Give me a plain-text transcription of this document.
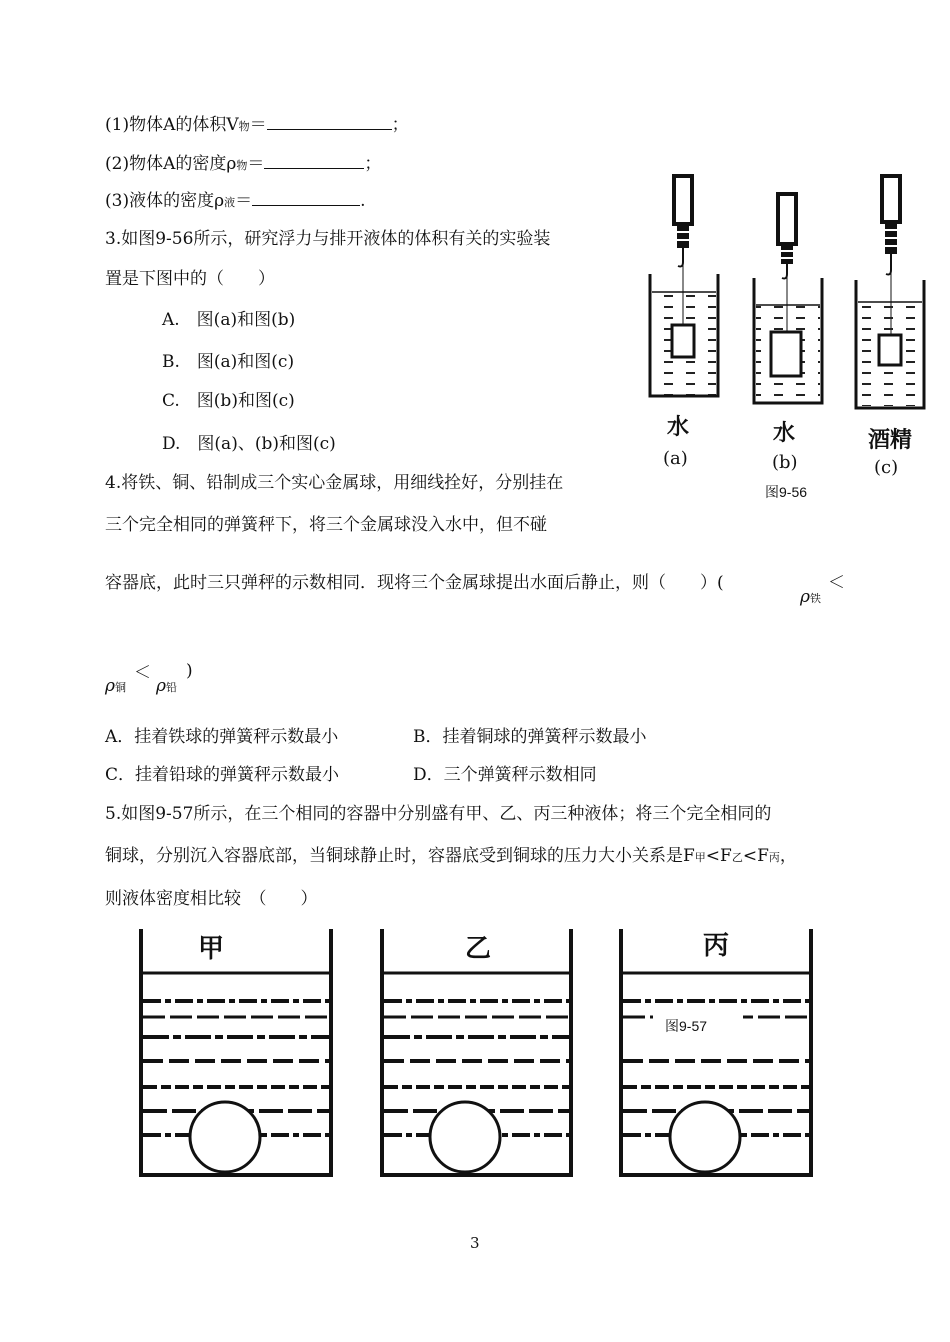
(1)物体A的体积V物＝	；
(2)物体A的密度ρ物＝	；
(3)液体的密度ρ液＝	.
3.如图9-56所示，研究浮力与排开液体的体积有关的实验装
置是下图中的（　　）
A.　图(a)和图(b)
B.　图(a)和图(c)
C.　图(b)和图(c)
D.　图(a)、(b)和图(c)
水	水	酒精
(a)	(b)	(c)
图9-56
4.将铁、铜、铅制成三个实心金属球，用细线拴好，分别挂在
三个完全相同的弹簧秤下，将三个金属球没入水中，但不碰
容器底，此时三只弹秤的示数相同．现将三个金属球提出水面后静止，则（　　）(
ρ铁
＜
ρ铜
＜
ρ铅
)
A．挂着铁球的弹簧秤示数最小	B．挂着铜球的弹簧秤示数最小
C．挂着铅球的弹簧秤示数最小	D．三个弹簧秤示数相同
5.如图9-57所示，在三个相同的容器中分别盛有甲、乙、丙三种液体；将三个完全相同的
铜球，分别沉入容器底部，当铜球静止时，容器底受到铜球的压力大小关系是F甲<F乙<F丙，
则液体密度相比较　（　　）
甲	乙	丙
图9-57
3
